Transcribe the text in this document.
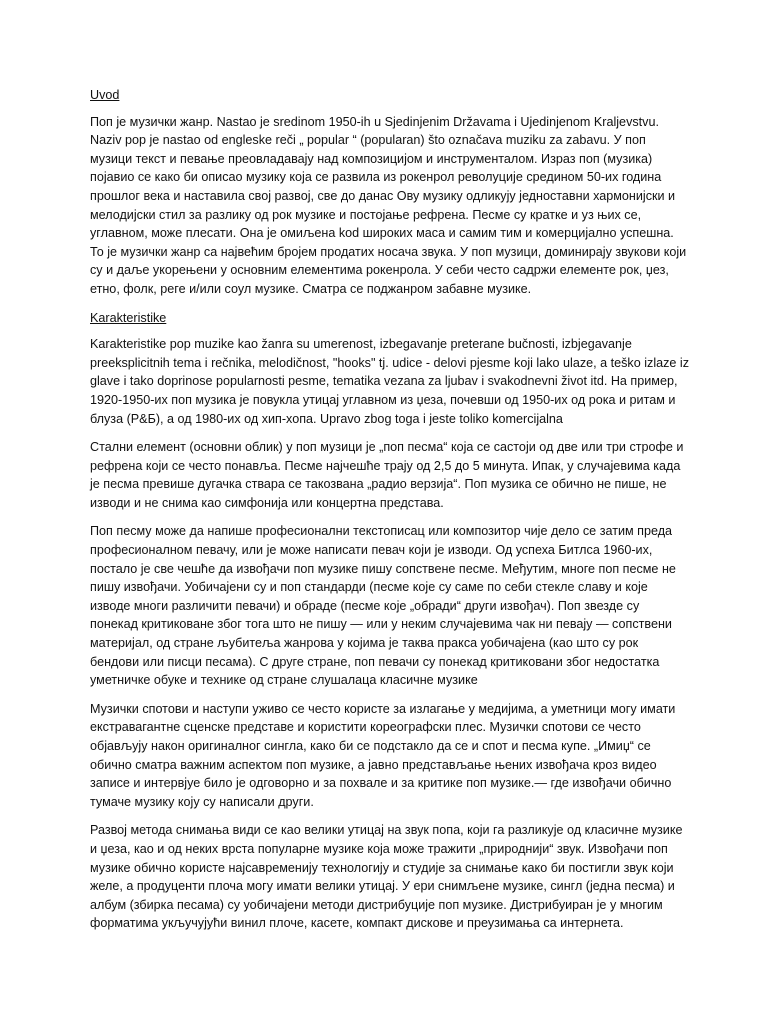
Uvod

Поп је музички жанр. Nastao je sredinom 1950-ih u Sjedinjenim Državama i Ujedinjenom Kraljevstvu. Naziv pop je nastao od engleske reči „ popular “ (popularan) što označava muziku za zabavu. У поп музици текст и певање преовладавају над композицијом и инструменталом. Израз поп (музика) појавио се како би описао музику која се развила из рокенрол револуције средином 50-их година прошлог века и наставила свој развој, све до данас Ову музику одликују једноставни хармонијски и мелодијски стил за разлику од рок музике и постојање рефрена. Песме су кратке и уз њих се, углавном, може плесати. Она је омиљена kod широких маса и самим тим и комерцијално успешна. То је музички жанр са највећим бројем продатих носача звука. У поп музици, доминирају звукови који су и даље укорењени у основним елементима рокенрола. У себи често садржи елементе рок, џез, етно, фолк, реге и/или соул музике. Сматра се поджанром забавне музике.

Karakteristike

Karakteristike pop muzike kao žanra su umerenost, izbegavanje preterane bučnosti, izbjegavanje preeksplicitnih tema i rečnika, melodičnost, "hooks" tj. udice - delovi pjesme koji lako ulaze, a teško izlaze iz glave i tako doprinose popularnosti pesme, tematika vezana za ljubav i svakodnevni život itd. На пример, 1920-1950-их поп музика је повукла утицај углавном из џеза, почевши од 1950-их од рока и ритам и блуза (Р&Б), а од 1980-их од хип-хопа. Upravo zbog toga i jeste toliko komercijalna

Стални елемент (основни облик) у поп музици је „поп песма“ која се састоји од две или три строфе и рефрена који се често понавља. Песме најчешће трају од 2,5 до 5 минута. Ипак, у случајевима када је песма превише дугачка ствара се такозвана „радио верзија“. Поп музика се обично не пише, не изводи и не снима као симфонија или концертна представа.

Поп песму може да напише професионални текстописац или композитор чије дело се затим преда професионалном певачу, или је може написати певач који је изводи. Од успеха Битлса 1960-их, постало је све чешће да извођачи поп музике пишу сопствене песме. Међутим, многе поп песме не пишу извођачи. Уобичајени су и поп стандарди (песме које су саме по себи стекле славу и које изводе многи различити певачи) и обраде (песме које „обради“ други извођач). Поп звезде су понекад критиковане због тога што не пишу — или у неким случајевима чак ни певају — сопствени материјал, од стране љубитеља жанрова у којима је таква пракса уобичајена (као што су рок бендови или писци песама). С друге стране, поп певачи су понекад критиковани због недостатка уметничке обуке и технике од стране слушалаца класичне музике

Музички спотови и наступи уживо се често користе за излагање у медијима, а уметници могу имати екстравагантне сценске представе и користити кореографски плес. Музички спотови се често објављују након оригиналног сингла, како би се подстакло да се и спот и песма купе. „Имиџ“ се обично сматра важним аспектом поп музике, а јавно представљање њених извођача кроз видео записе и интервјуе било је одговорно и за похвале и за критике поп музике.— где извођачи обично тумаче музику коју су написали други.

Развој метода снимања види се као велики утицај на звук попа, који га разликује од класичне музике и џеза, као и од неких врста популарне музике која може тражити „природнији“ звук. Извођачи поп музике обично користе најсавременију технологију и студије за снимање како би постигли звук који желе, а продуценти плоча могу имати велики утицај. У ери снимљене музике, сингл (једна песма) и албум (збирка песама) су уобичајени методи дистрибуције поп музике. Дистрибуиран је у многим форматима укључујући винил плоче, касете, компакт дискове и преузимања са интернета.
